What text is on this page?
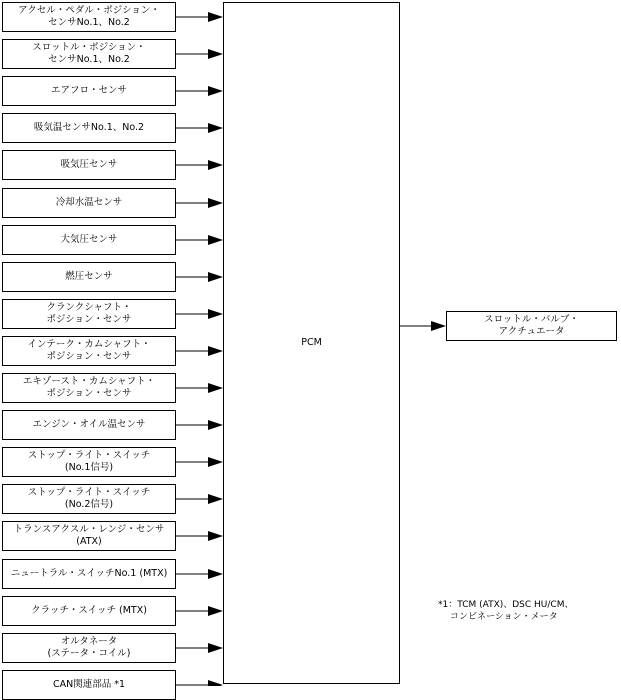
アクセル・ペダル・ポジション・
センサNo.1、No.2
スロットル・ポジション・
センサNo.1、No.2
エアフロ・センサ
吸気温センサNo.1、No.2
吸気圧センサ
冷却水温センサ
大気圧センサ
燃圧センサ
クランクシャフト・
ポジション・センサ
インテーク・カムシャフト・
ポジション・センサ
エキゾースト・カムシャフト・
ポジション・センサ
エンジン・オイル温センサ
ストップ・ライト・スイッチ
(No.1信号)
ストップ・ライト・スイッチ
(No.2信号)
トランスアクスル・レンジ・センサ
(ATX)
ニュートラル・スイッチNo.1 (MTX)
クラッチ・スイッチ (MTX)
オルタネータ
(ステータ・コイル)
CAN関連部品 *1
PCM
スロットル・バルブ・
アクチュエータ
*1：TCM (ATX)、DSC HU/CM、
コンビネーション・メータ
